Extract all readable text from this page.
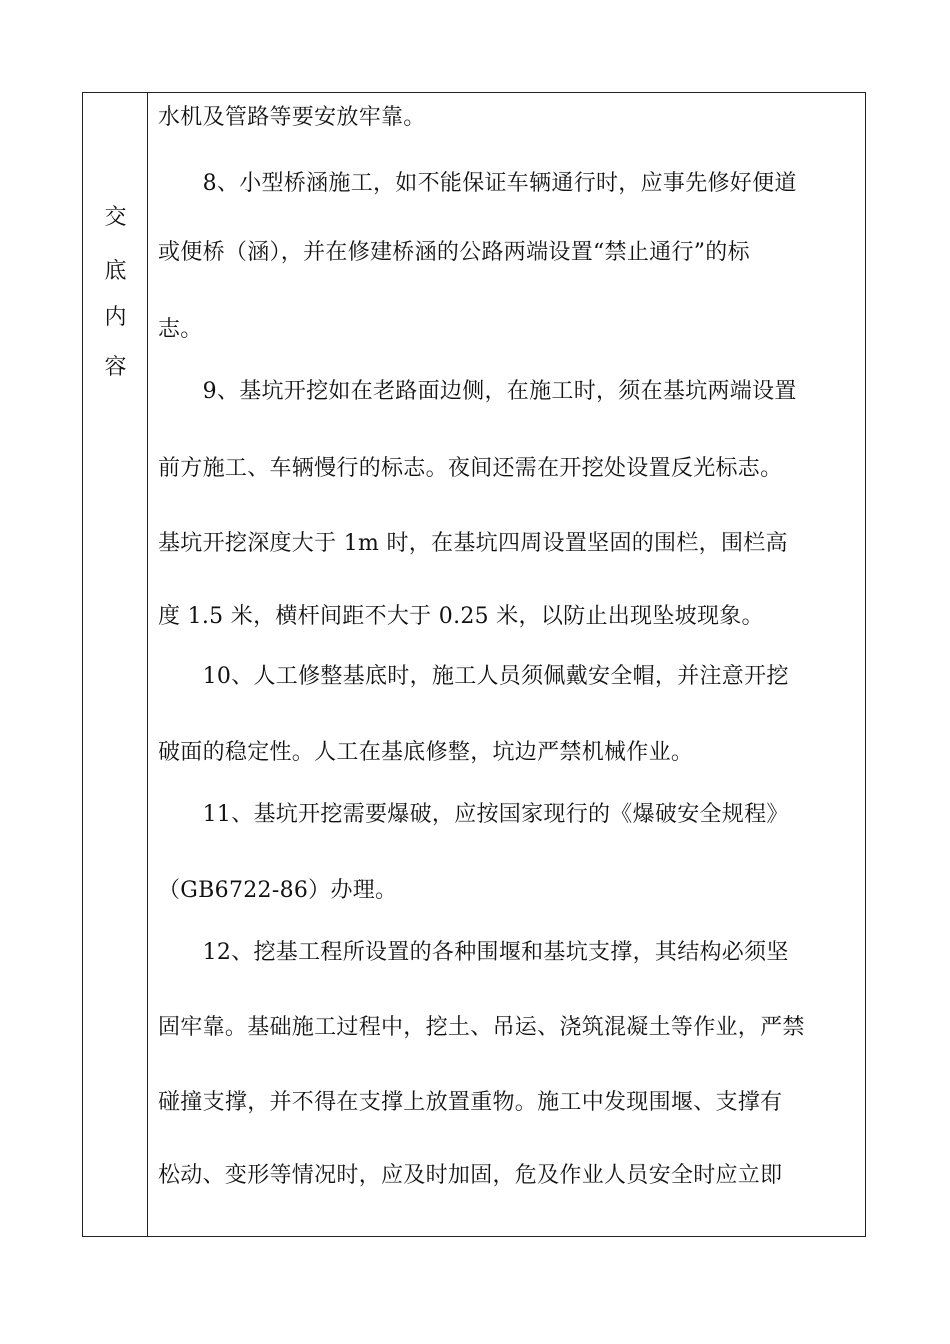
交
底
内
容
水机及管路等要安放牢靠。
　　8、小型桥涵施工，如不能保证车辆通行时，应事先修好便道
或便桥（涵），并在修建桥涵的公路两端设置“禁止通行”的标
志。
　　9、基坑开挖如在老路面边侧，在施工时，须在基坑两端设置
前方施工、车辆慢行的标志。夜间还需在开挖处设置反光标志。
基坑开挖深度大于 1m 时，在基坑四周设置坚固的围栏，围栏高
度 1.5 米，横杆间距不大于 0.25 米，以防止出现坠坡现象。
　　10、人工修整基底时，施工人员须佩戴安全帽，并注意开挖
破面的稳定性。人工在基底修整，坑边严禁机械作业。
　　11、基坑开挖需要爆破，应按国家现行的《爆破安全规程》
（GB6722-86）办理。
　　12、挖基工程所设置的各种围堰和基坑支撑，其结构必须坚
固牢靠。基础施工过程中，挖土、吊运、浇筑混凝土等作业，严禁
碰撞支撑，并不得在支撑上放置重物。施工中发现围堰、支撑有
松动、变形等情况时，应及时加固，危及作业人员安全时应立即
